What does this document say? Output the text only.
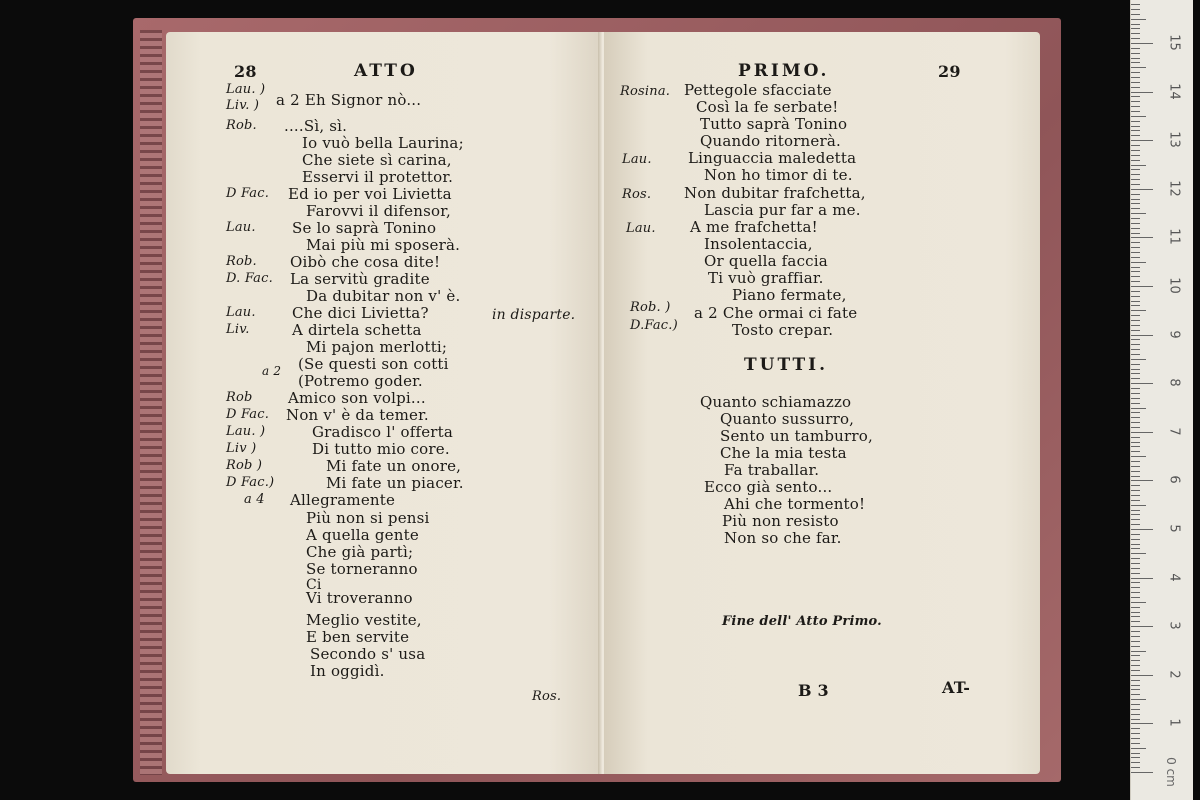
28	ATTO
Lau. )
Liv. ) a 2 Eh Signor nò...
Rob. ....Sì, sì.
Io vuò bella Laurina;
Che siete sì carina,
Esservi il protettor.
D Fac. Ed io per voi Livietta
Farovvi il difensor,
Lau. Se lo saprà Tonino
Mai più mi sposerà.
Rob. Oibò che cosa dite!
D. Fac. La servitù gradite
Da dubitar non v' è.
Lau. Che dici Livietta?	in disparte.
Liv.	A dirtela schetta
Mi pajon merlotti;
a 2 (Se questi son cotti
(Potremo goder.
Rob Amico son volpi...
D Fac. Non v' è da temer.
Lau. )	Gradisco l' offerta
Liv )	Di tutto mio core.
Rob )	Mi fate un onore,
D Fac.)	Mi fate un piacer.
a 4 Allegramente
Più non si pensi
A quella gente
Che già partì;
Se torneranno
Ci
Vi troveranno
Meglio vestite,
E ben servite
Secondo s' usa
In oggidì.
Ros.
PRIMO.	29
Rosina. Pettegole sfacciate
Così la fe serbate!
Tutto saprà Tonino
Quando ritornerà.
Lau. Linguaccia maledetta
Non ho timor di te.
Ros. Non dubitar frafchetta,
Lascia pur far a me.
Lau. A me frafchetta!
Insolentaccia,
Or quella faccia
Ti vuò graffiar.
Piano fermate,
Rob. ) a 2 Che ormai ci fate
D.Fac.)	Tosto crepar.
TUTTI.
Quanto schiamazzo
Quanto sussurro,
Sento un tamburro,
Che la mia testa
Fa traballar.
Ecco già sento...
Ahi che tormento!
Più non resisto
Non so che far.
Fine dell' Atto Primo.
B 3	AT-
1
2
3
4
5
6
7
8
9
10
11
12
13
14
15
0 cm
